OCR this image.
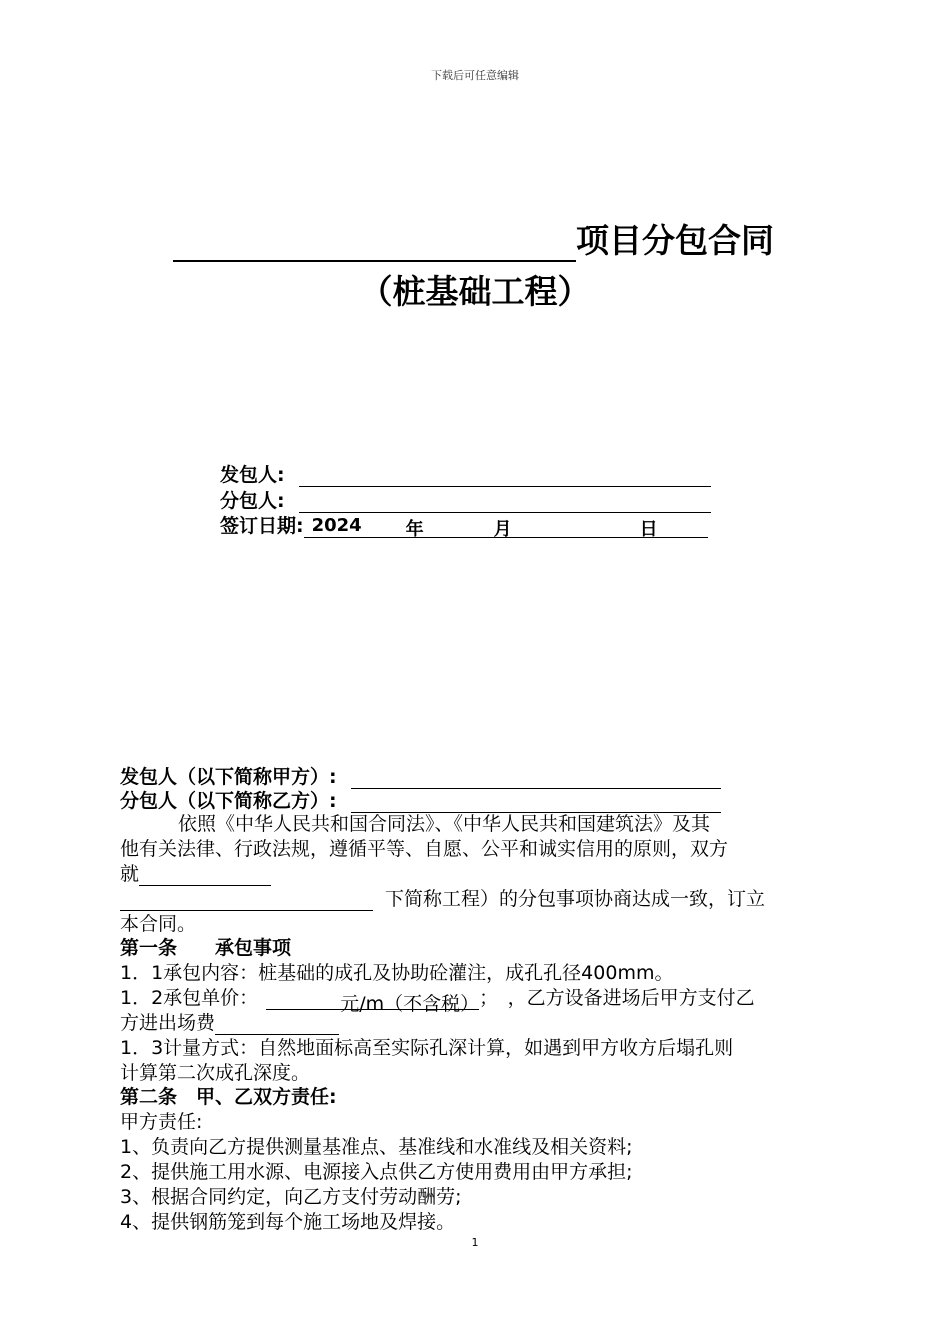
下载后可任意编辑
项目分包合同
（桩基础工程）
发包人:
分包人:
签订日期: 2024 年	月	日
发包人（以下简称甲方）:
分包人（以下简称乙方）:
依照《中华人民共和国合同法》、《中华人民共和国建筑法》及其
他有关法律、行政法规，遵循平等、自愿、公平和诚实信用的原则，双方
就
下简称工程）的分包事项协商达成一致，订立
本合同。
第一条　　承包事项
1．1承包内容：桩基础的成孔及协助砼灌注，成孔孔径400mm。
1．2承包单价：	元/m（不含税）；　，乙方设备进场后甲方支付乙
方进出场费
1．3计量方式：自然地面标高至实际孔深计算，如遇到甲方收方后塌孔则
计算第二次成孔深度。
第二条　甲、乙双方责任:
甲方责任:
1、负责向乙方提供测量基准点、基准线和水准线及相关资料;
2、提供施工用水源、电源接入点供乙方使用费用由甲方承担;
3、根据合同约定，向乙方支付劳动酬劳;
4、提供钢筋笼到每个施工场地及焊接。
1
